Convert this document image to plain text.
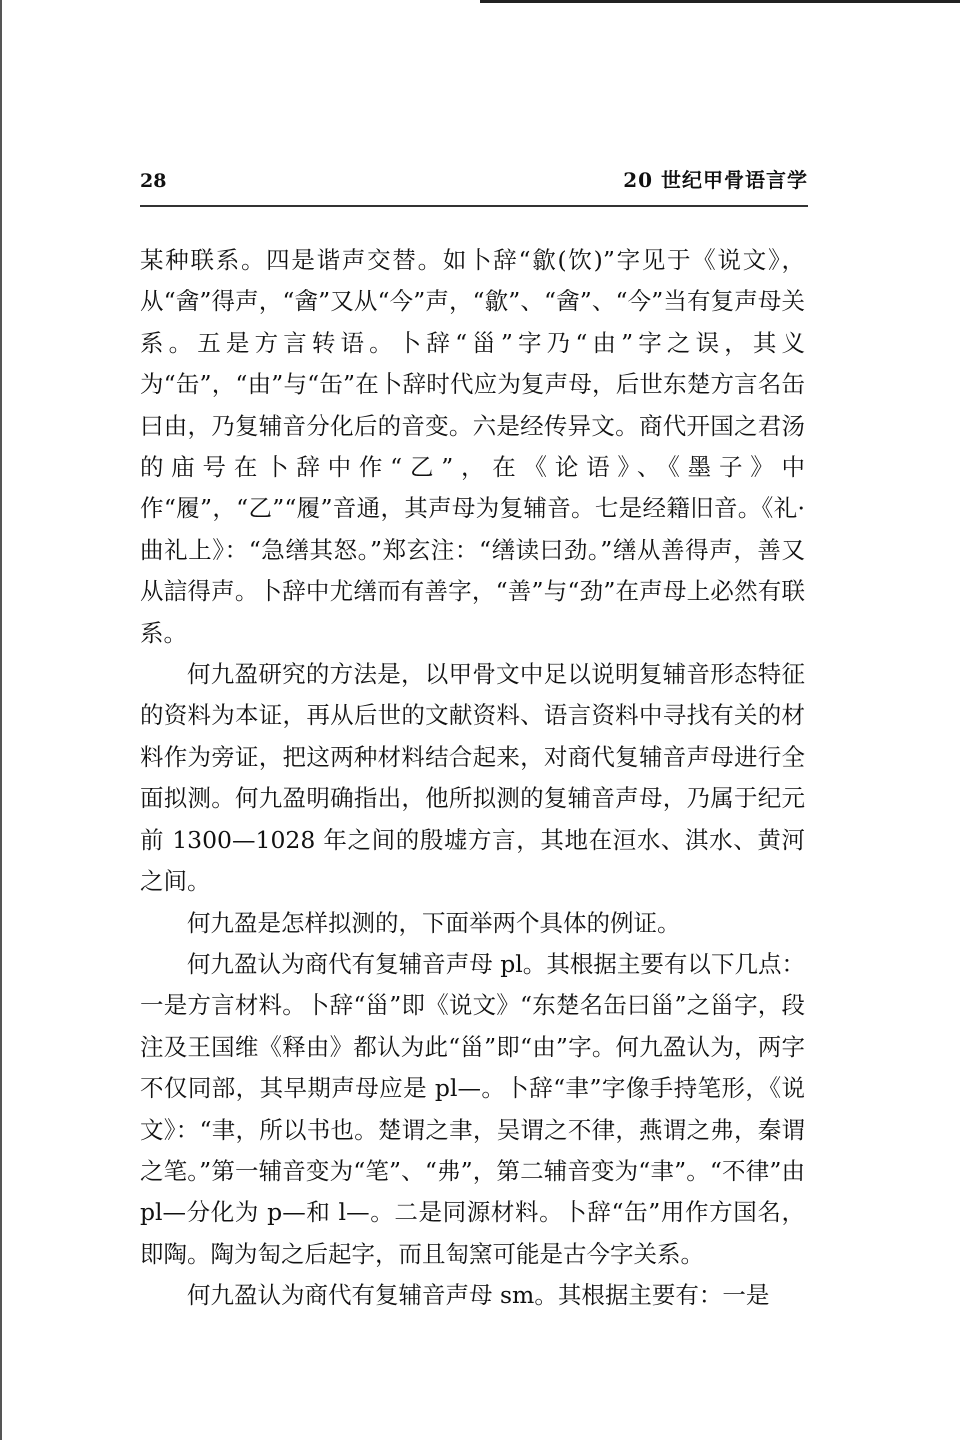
28	20 世纪甲骨语言学

某种联系。四是谐声交替。如卜辞“歙(饮)”字见于《说文》，从“酓”得声，“酓”又从“今”声，“歙”、“酓”、“今”当有复声母关系。五是方言转语。卜辞“甾”字乃“由”字之误，其义为“缶”，“由”与“缶”在卜辞时代应为复声母，后世东楚方言名缶曰由，乃复辅音分化后的音变。六是经传异文。商代开国之君汤的庙号在卜辞中作“乙”，在《论语》、《墨子》中作“履”，“乙”“履”音通，其声母为复辅音。七是经籍旧音。《礼·曲礼上》：“急缮其怒。”郑玄注：“缮读曰劲。”缮从善得声，善又从誩得声。卜辞中尤缮而有善字，“善”与“劲”在声母上必然有联系。

何九盈研究的方法是，以甲骨文中足以说明复辅音形态特征的资料为本证，再从后世的文献资料、语言资料中寻找有关的材料作为旁证，把这两种材料结合起来，对商代复辅音声母进行全面拟测。何九盈明确指出，他所拟测的复辅音声母，乃属于纪元前 1300—1028 年之间的殷墟方言，其地在洹水、淇水、黄河之间。

何九盈是怎样拟测的，下面举两个具体的例证。

何九盈认为商代有复辅音声母 pl。其根据主要有以下几点：一是方言材料。卜辞“甾”即《说文》“东楚名缶曰甾”之甾字，段注及王国维《释由》都认为此“甾”即“由”字。何九盈认为，两字不仅同部，其早期声母应是 pl—。卜辞“聿”字像手持笔形，《说文》：“聿，所以书也。楚谓之聿，吴谓之不律，燕谓之弗，秦谓之笔。”第一辅音变为“笔”、“弗”，第二辅音变为“聿”。“不律”由 pl—分化为 p—和 l—。二是同源材料。卜辞“缶”用作方国名，即陶。陶为匋之后起字，而且匋窯可能是古今字关系。

何九盈认为商代有复辅音声母 sm。其根据主要有：一是
